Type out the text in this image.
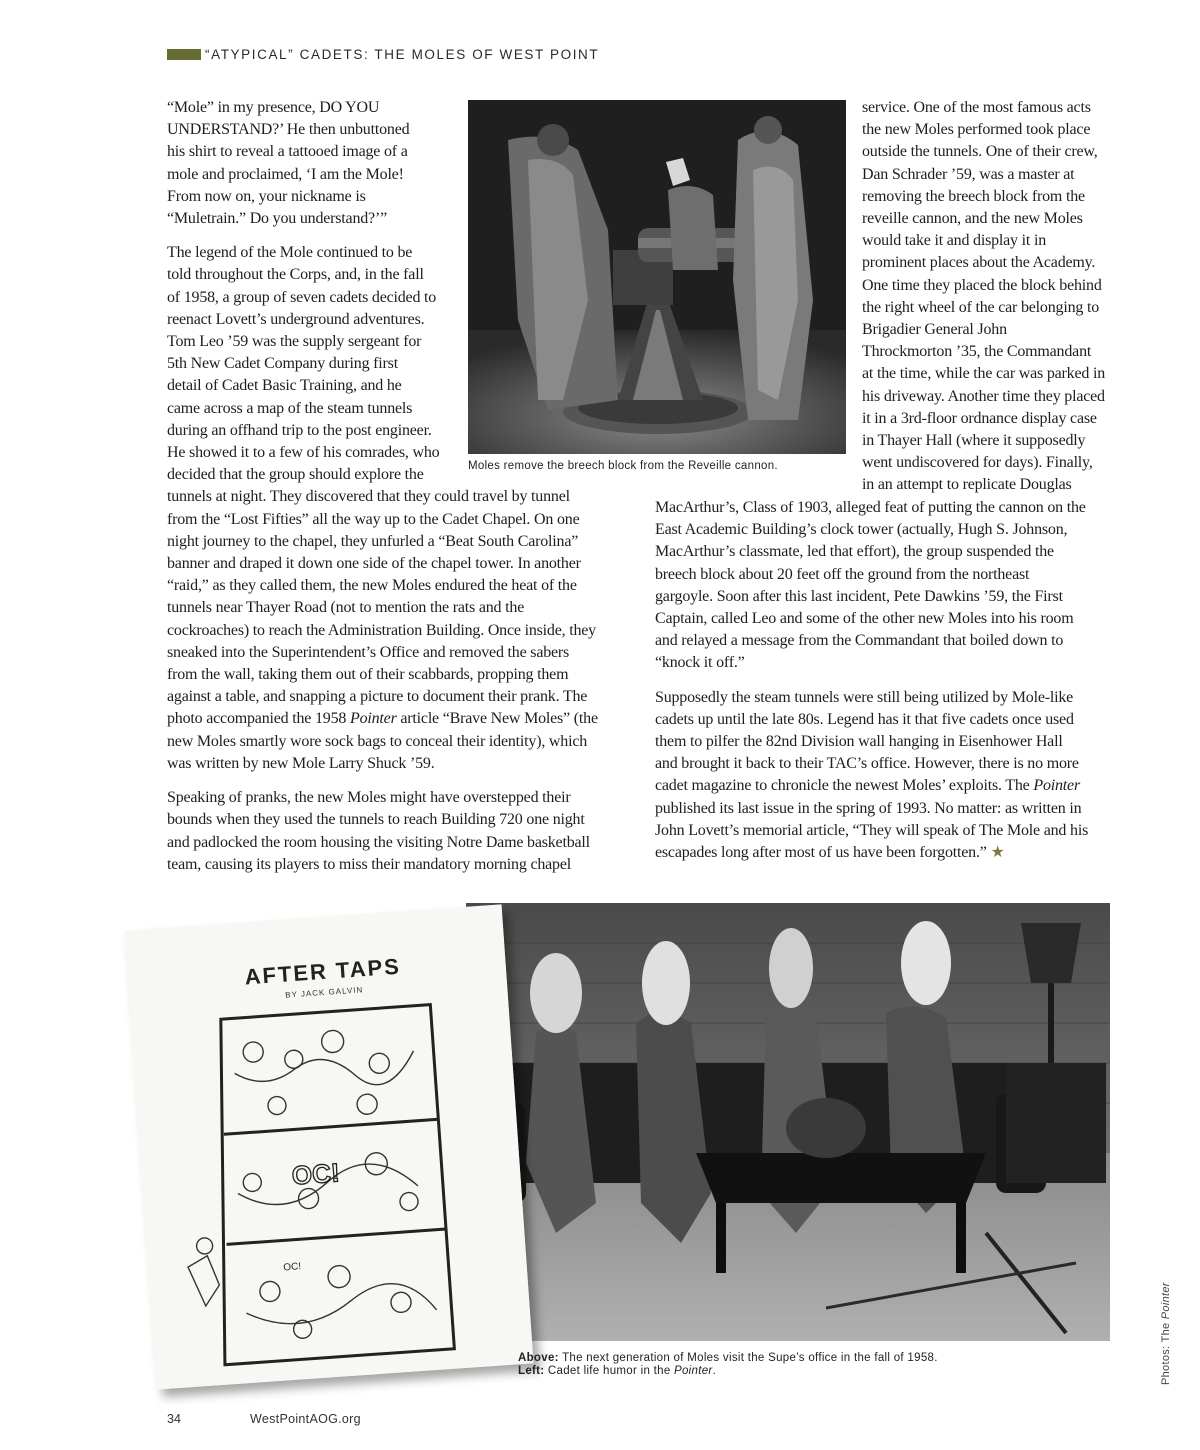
“ATYPICAL” CADETS: THE MOLES OF WEST POINT

“Mole” in my presence, DO YOU

UNDERSTAND?’ He then unbuttoned

his shirt to reveal a tattooed image of a

mole and proclaimed, ‘I am the Mole!

From now on, your nickname is

“Muletrain.” Do you understand?’”

The legend of the Mole continued to be

told throughout the Corps, and, in the fall

of 1958, a group of seven cadets decided to

reenact Lovett’s underground adventures.

Tom Leo ’59 was the supply sergeant for

5th New Cadet Company during first

detail of Cadet Basic Training, and he

came across a map of the steam tunnels

during an offhand trip to the post engineer.

He showed it to a few of his comrades, who

decided that the group should explore the

tunnels at night. They discovered that they could travel by tunnel

from the “Lost Fifties” all the way up to the Cadet Chapel. On one

night journey to the chapel, they unfurled a “Beat South Carolina”

banner and draped it down one side of the chapel tower. In another

“raid,” as they called them, the new Moles endured the heat of the

tunnels near Thayer Road (not to mention the rats and the

cockroaches) to reach the Administration Building. Once inside, they

sneaked into the Superintendent’s Office and removed the sabers

from the wall, taking them out of their scabbards, propping them

against a table, and snapping a picture to document their prank. The

photo accompanied the 1958 Pointer article “Brave New Moles” (the

new Moles smartly wore sock bags to conceal their identity), which

was written by new Mole Larry Shuck ’59.

Speaking of pranks, the new Moles might have overstepped their

bounds when they used the tunnels to reach Building 720 one night

and padlocked the room housing the visiting Notre Dame basketball

team, causing its players to miss their mandatory morning chapel

Moles remove the breech block from the Reveille cannon.

service. One of the most famous acts

the new Moles performed took place

outside the tunnels. One of their crew,

Dan Schrader ’59, was a master at

removing the breech block from the

reveille cannon, and the new Moles

would take it and display it in

prominent places about the Academy.

One time they placed the block behind

the right wheel of the car belonging to

Brigadier General John

Throckmorton ’35, the Commandant

at the time, while the car was parked in

his driveway. Another time they placed

it in a 3rd-floor ordnance display case

in Thayer Hall (where it supposedly

went undiscovered for days). Finally,

in an attempt to replicate Douglas

MacArthur’s, Class of 1903, alleged feat of putting the cannon on the

East Academic Building’s clock tower (actually, Hugh S. Johnson,

MacArthur’s classmate, led that effort), the group suspended the

breech block about 20 feet off the ground from the northeast

gargoyle. Soon after this last incident, Pete Dawkins ’59, the First

Captain, called Leo and some of the other new Moles into his room

and relayed a message from the Commandant that boiled down to

“knock it off.”

Supposedly the steam tunnels were still being utilized by Mole-like

cadets up until the late 80s. Legend has it that five cadets once used

them to pilfer the 82nd Division wall hanging in Eisenhower Hall

and brought it back to their TAC’s office. However, there is no more

cadet magazine to chronicle the newest Moles’ exploits. The Pointer

published its last issue in the spring of 1993. No matter: as written in

John Lovett’s memorial article, “They will speak of The Mole and his

escapades long after most of us have been forgotten.” ★

AFTER TAPS
BY JACK GALVIN
OC!
OC!
Above: The next generation of Moles visit the Supe’s office in the fall of 1958.
Left: Cadet life humor in the Pointer.
34	WestPointAOG.org
Photos: The Pointer
